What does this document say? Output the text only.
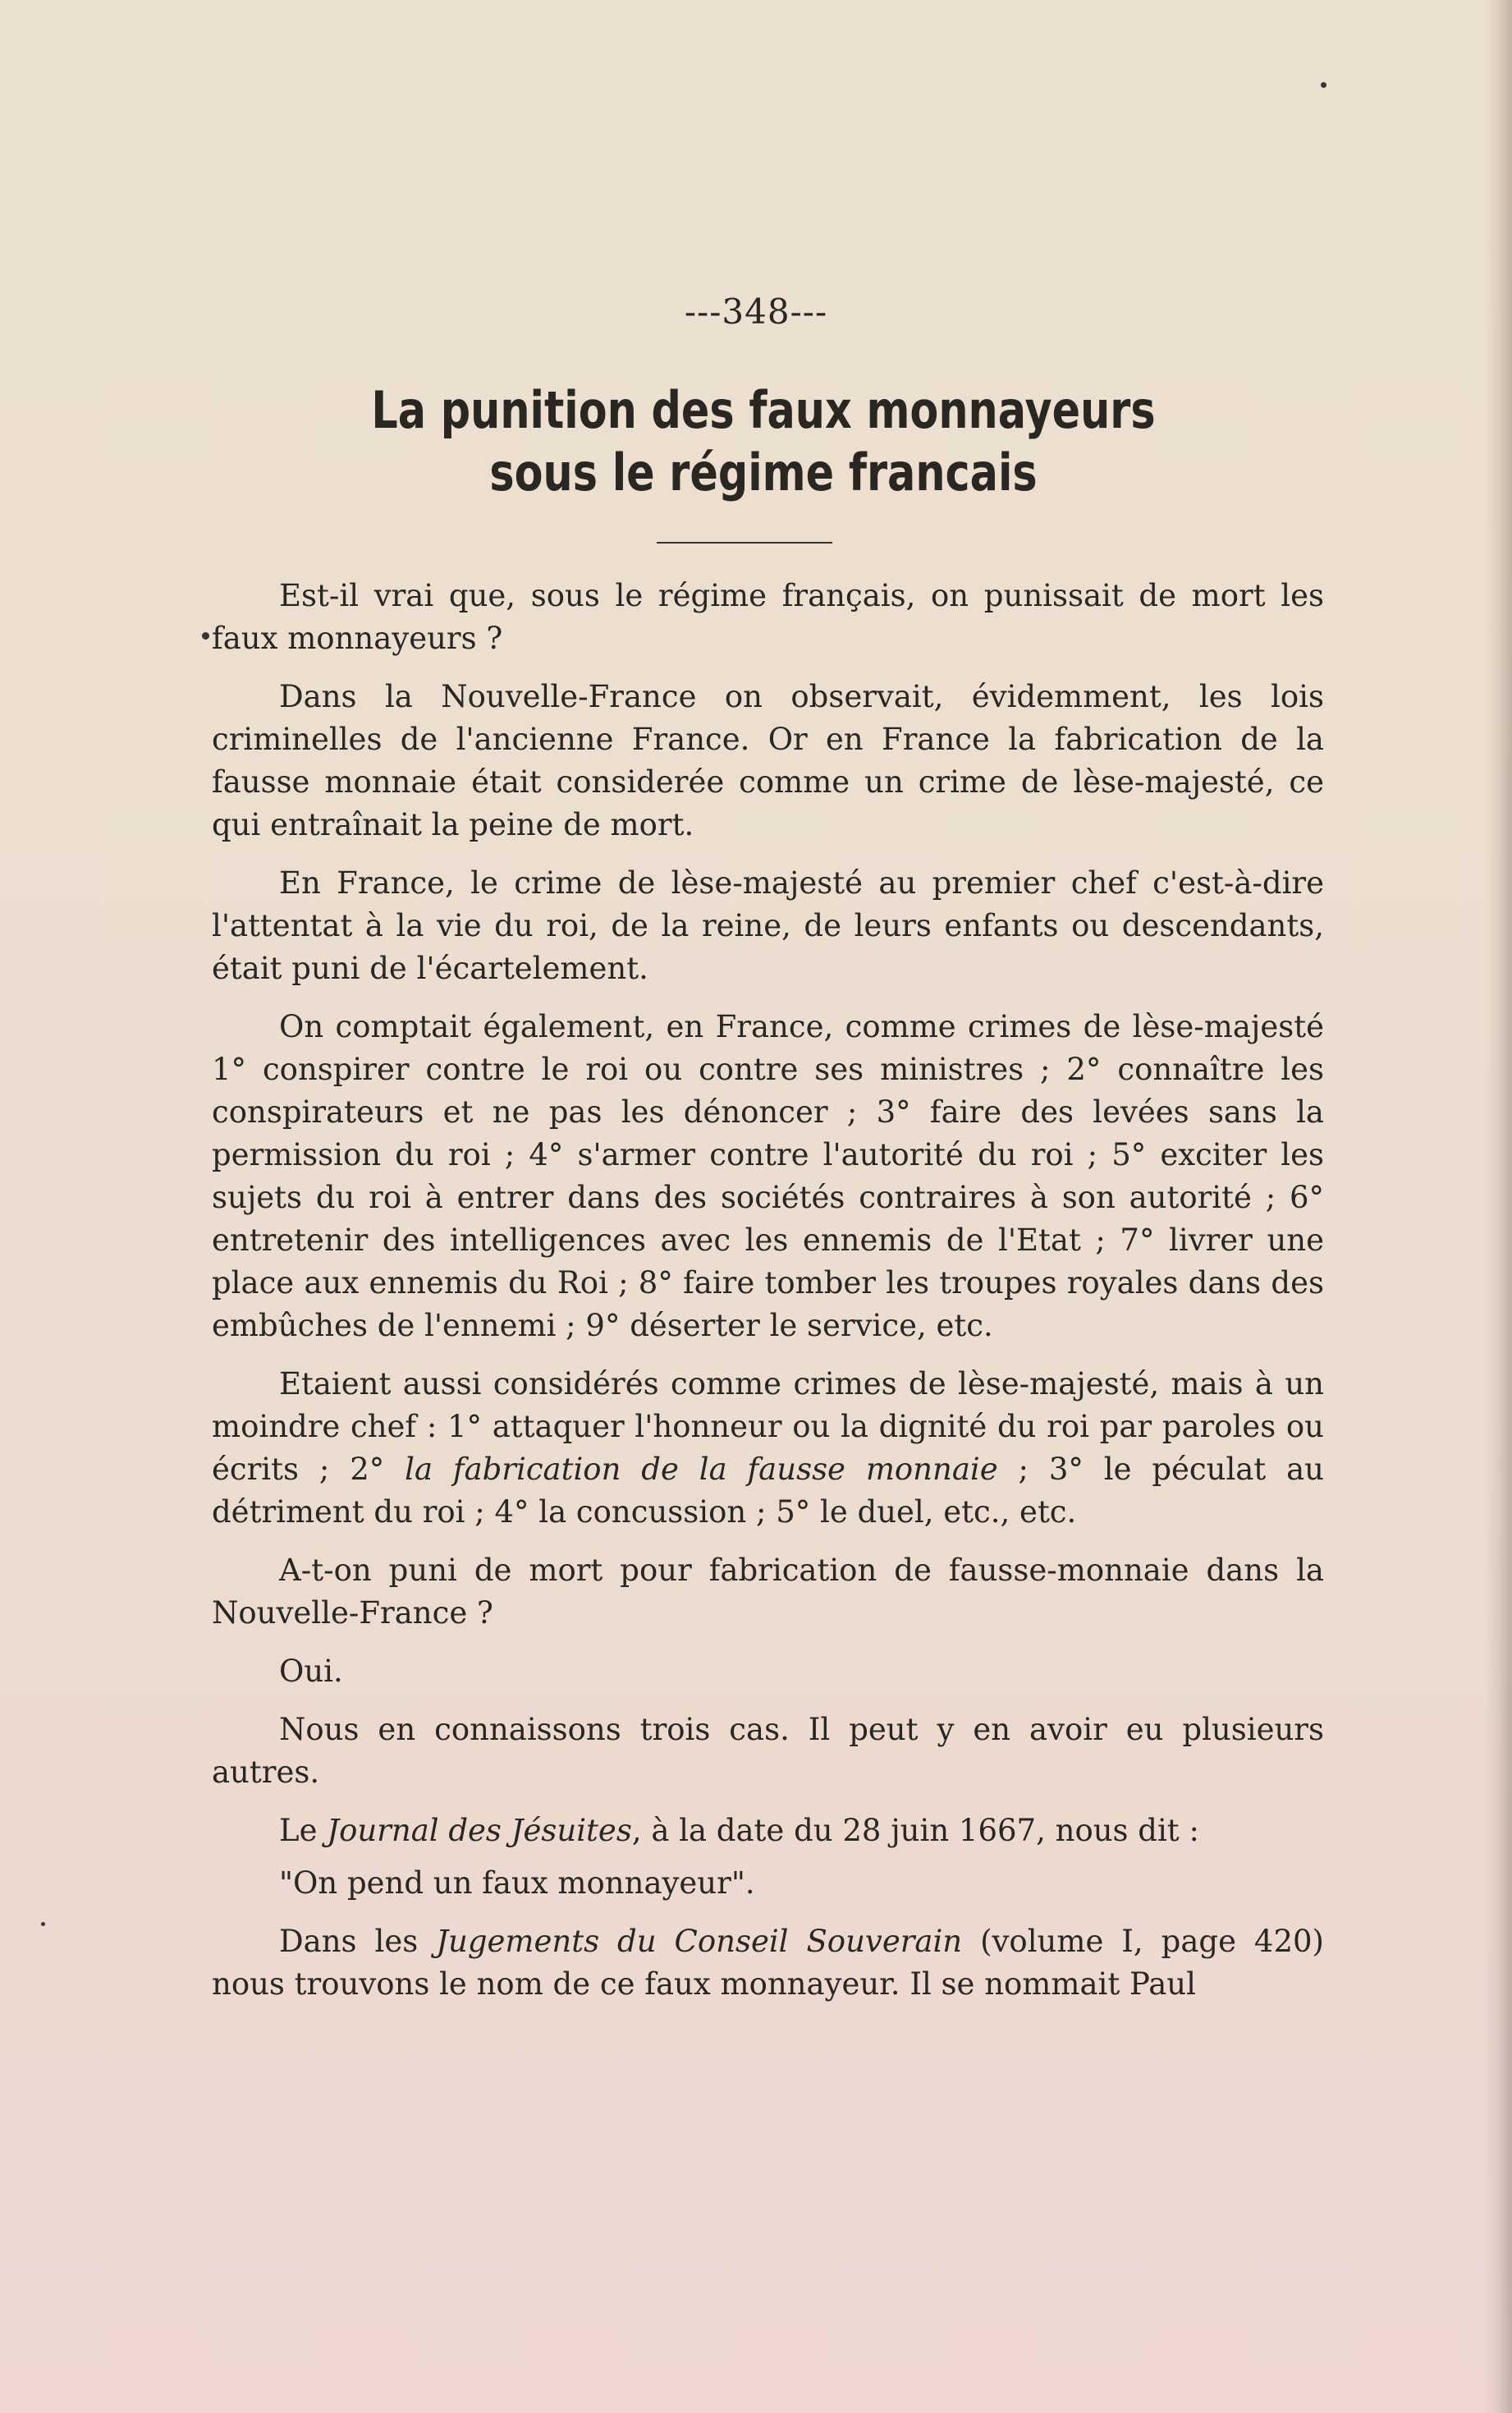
---348---
La punition des faux monnayeurs sous le régime francais

Est-il vrai que, sous le régime français, on punissait de mort les faux monnayeurs ?

Dans la Nouvelle-France on observait, évidemment, les lois criminelles de l'ancienne France. Or en France la fabrication de la fausse monnaie était considerée comme un crime de lèse-majesté, ce qui entraînait la peine de mort.

En France, le crime de lèse-majesté au premier chef c'est-à-dire l'attentat à la vie du roi, de la reine, de leurs enfants ou descendants, était puni de l'écartelement.

On comptait également, en France, comme crimes de lèse-majesté 1° conspirer contre le roi ou contre ses ministres ; 2° connaître les conspirateurs et ne pas les dénoncer ; 3° faire des levées sans la permission du roi ; 4° s'armer contre l'autorité du roi ; 5° exciter les sujets du roi à entrer dans des sociétés contraires à son autorité ; 6° entretenir des intelligences avec les ennemis de l'Etat ; 7° livrer une place aux ennemis du Roi ; 8° faire tomber les troupes royales dans des embûches de l'ennemi ; 9° déserter le service, etc.

Etaient aussi considérés comme crimes de lèse-majesté, mais à un moindre chef : 1° attaquer l'honneur ou la dignité du roi par paroles ou écrits ; 2° la fabrication de la fausse monnaie ; 3° le péculat au détriment du roi ; 4° la concussion ; 5° le duel, etc., etc.

A-t-on puni de mort pour fabrication de fausse-monnaie dans la Nouvelle-France ?

Oui.

Nous en connaissons trois cas. Il peut y en avoir eu plusieurs autres.

Le Journal des Jésuites, à la date du 28 juin 1667, nous dit :

"On pend un faux monnayeur".

Dans les Jugements du Conseil Souverain (volume I, page 420) nous trouvons le nom de ce faux monnayeur. Il se nommait Paul
